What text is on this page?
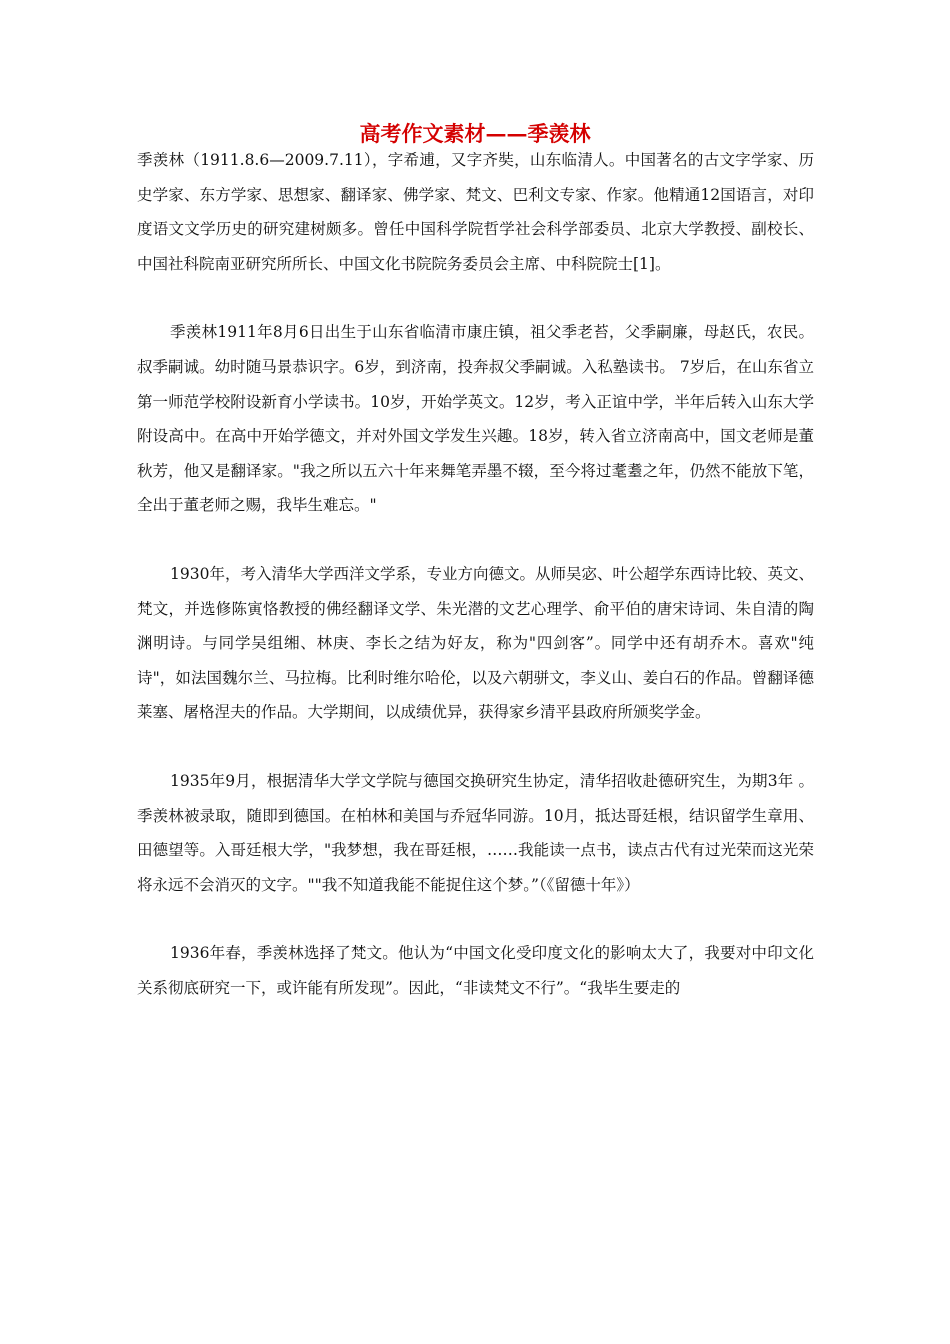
高考作文素材——季羡林

季羡林（1911.8.6—2009.7.11），字希逋，又字齐奘，山东临清人。中国著名的古文字学家、历史学家、东方学家、思想家、翻译家、佛学家、梵文、巴利文专家、作家。他精通12国语言，对印度语文文学历史的研究建树颇多。曾任中国科学院哲学社会科学部委员、北京大学教授、副校长、中国社科院南亚研究所所长、中国文化书院院务委员会主席、中科院院士[1]。

季羡林1911年8月6日出生于山东省临清市康庄镇，祖父季老苔，父季嗣廉，母赵氏，农民。叔季嗣诚。幼时随马景恭识字。6岁，到济南，投奔叔父季嗣诚。入私塾读书。 7岁后，在山东省立第一师范学校附设新育小学读书。10岁，开始学英文。12岁，考入正谊中学，半年后转入山东大学附设高中。在高中开始学德文，并对外国文学发生兴趣。18岁，转入省立济南高中，国文老师是董秋芳，他又是翻译家。"我之所以五六十年来舞笔弄墨不辍，至今将过耄耋之年，仍然不能放下笔，全出于董老师之赐，我毕生难忘。"

1930年，考入清华大学西洋文学系，专业方向德文。从师吴宓、叶公超学东西诗比较、英文、梵文，并选修陈寅恪教授的佛经翻译文学、朱光潜的文艺心理学、俞平伯的唐宋诗词、朱自清的陶渊明诗。与同学吴组缃、林庚、李长之结为好友，称为"四剑客”。同学中还有胡乔木。喜欢"纯诗"，如法国魏尔兰、马拉梅。比利时维尔哈伦，以及六朝骈文，李义山、姜白石的作品。曾翻译德莱塞、屠格涅夫的作品。大学期间，以成绩优异，获得家乡清平县政府所颁奖学金。

1935年9月，根据清华大学文学院与德国交换研究生协定，清华招收赴德研究生，为期3年 。季羡林被录取，随即到德国。在柏林和美国与乔冠华同游。10月，抵达哥廷根，结识留学生章用、田德望等。入哥廷根大学，"我梦想，我在哥廷根，……我能读一点书，读点古代有过光荣而这光荣将永远不会消灭的文字。""我不知道我能不能捉住这个梦。”（《留德十年》）

1936年春，季羡林选择了梵文。他认为“中国文化受印度文化的影响太大了，我要对中印文化关系彻底研究一下，或许能有所发现”。因此，“非读梵文不行”。“我毕生要走的
